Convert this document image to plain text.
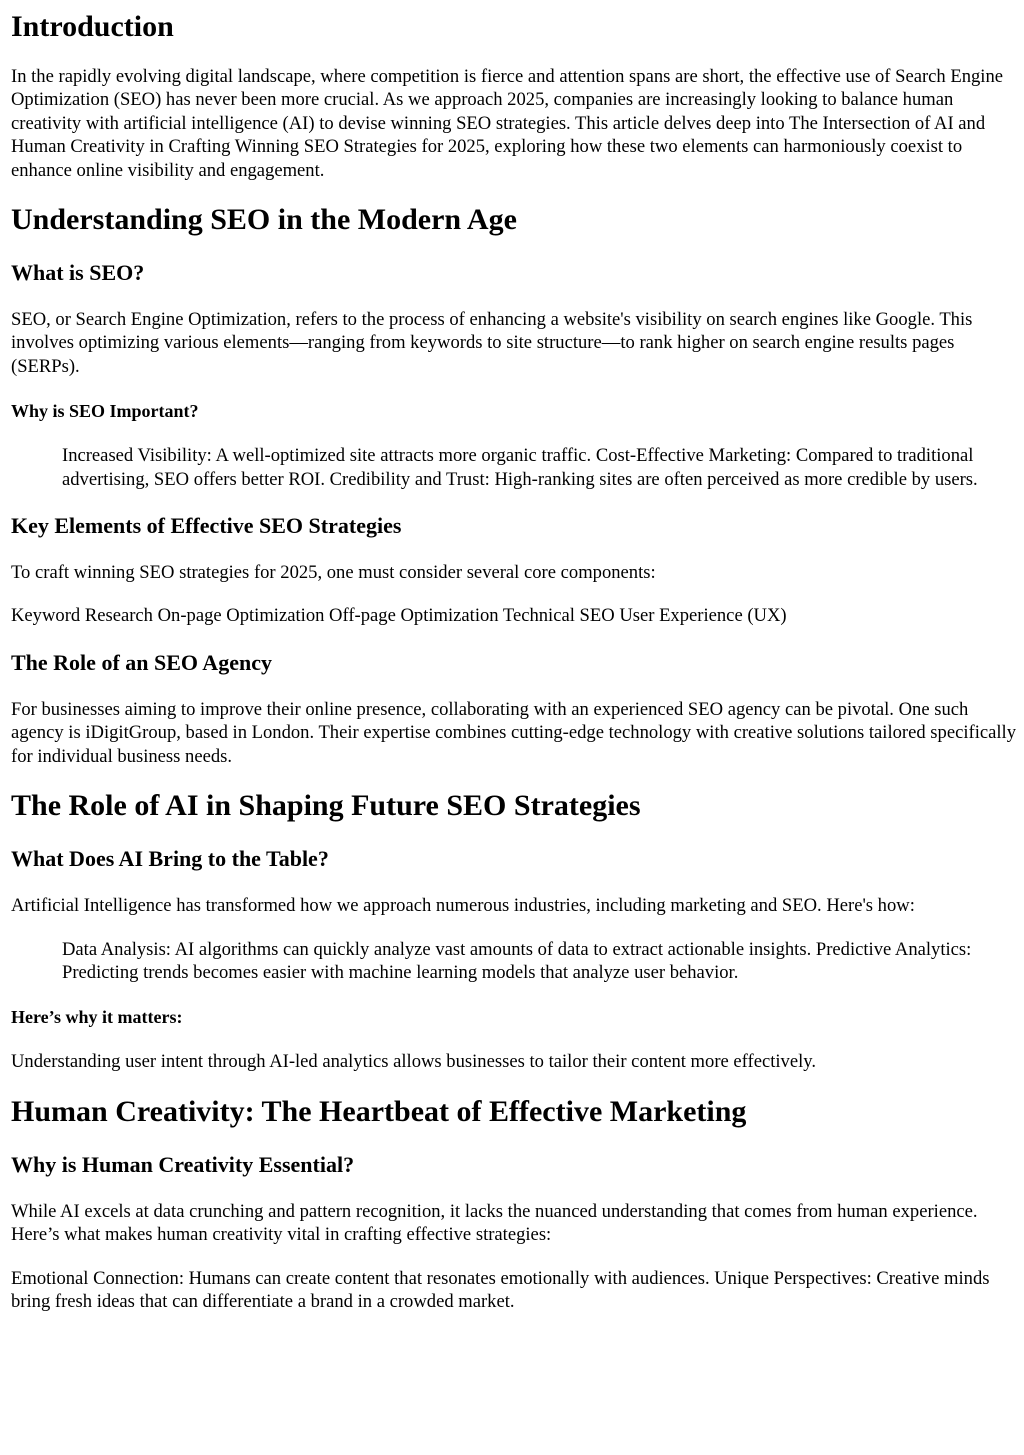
Introduction

In the rapidly evolving digital landscape, where competition is fierce and attention spans are short, the effective use of Search Engine Optimization (SEO) has never been more crucial. As we approach 2025, companies are increasingly looking to balance human creativity with artificial intelligence (AI) to devise winning SEO strategies. This article delves deep into The Intersection of AI and Human Creativity in Crafting Winning SEO Strategies for 2025, exploring how these two elements can harmoniously coexist to enhance online visibility and engagement.

Understanding SEO in the Modern Age
What is SEO?

SEO, or Search Engine Optimization, refers to the process of enhancing a website's visibility on search engines like Google. This involves optimizing various elements—ranging from keywords to site structure—to rank higher on search engine results pages (SERPs).

Why is SEO Important?
Increased Visibility: A well-optimized site attracts more organic traffic. Cost-Effective Marketing: Compared to traditional advertising, SEO offers better ROI. Credibility and Trust: High-ranking sites are often perceived as more credible by users.
Key Elements of Effective SEO Strategies

To craft winning SEO strategies for 2025, one must consider several core components:

Keyword Research On-page Optimization Off-page Optimization Technical SEO User Experience (UX)

The Role of an SEO Agency

For businesses aiming to improve their online presence, collaborating with an experienced SEO agency can be pivotal. One such agency is iDigitGroup, based in London. Their expertise combines cutting-edge technology with creative solutions tailored specifically for individual business needs.

The Role of AI in Shaping Future SEO Strategies
What Does AI Bring to the Table?

Artificial Intelligence has transformed how we approach numerous industries, including marketing and SEO. Here's how:

Data Analysis: AI algorithms can quickly analyze vast amounts of data to extract actionable insights. Predictive Analytics: Predicting trends becomes easier with machine learning models that analyze user behavior.
Here’s why it matters:

Understanding user intent through AI-led analytics allows businesses to tailor their content more effectively.

Human Creativity: The Heartbeat of Effective Marketing
Why is Human Creativity Essential?

While AI excels at data crunching and pattern recognition, it lacks the nuanced understanding that comes from human experience. Here’s what makes human creativity vital in crafting effective strategies:

Emotional Connection: Humans can create content that resonates emotionally with audiences. Unique Perspectives: Creative minds bring fresh ideas that can differentiate a brand in a crowded market.
